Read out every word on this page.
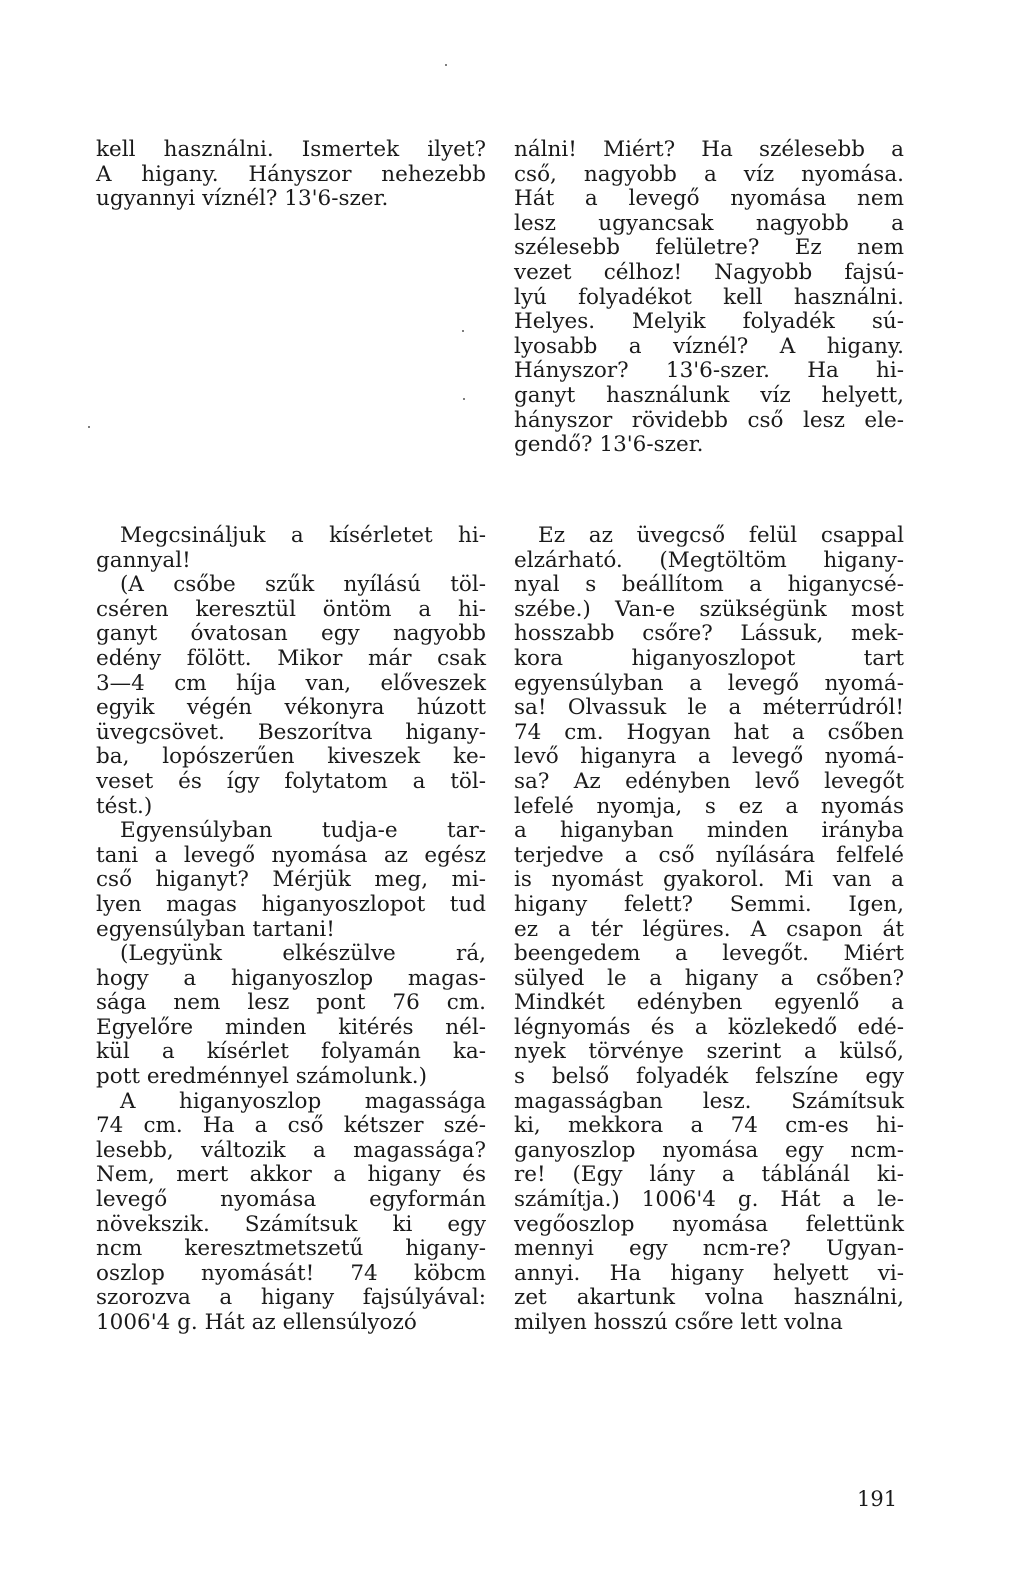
kell használni. Ismertek ilyet?
A higany. Hányszor nehezebb
ugyannyi víznél? 13'6-szer.
nálni! Miért? Ha szélesebb a
cső, nagyobb a víz nyomása.
Hát a levegő nyomása nem
lesz ugyancsak nagyobb a
szélesebb felületre? Ez nem
vezet célhoz! Nagyobb fajsú-
lyú folyadékot kell használni.
Helyes. Melyik folyadék sú-
lyosabb a víznél? A higany.
Hányszor? 13'6-szer. Ha hi-
ganyt használunk víz helyett,
hányszor rövidebb cső lesz ele-
gendő? 13'6-szer.
Megcsináljuk a kísérletet hi-
gannyal!
(A csőbe szűk nyílású töl-
cséren keresztül öntöm a hi-
ganyt óvatosan egy nagyobb
edény fölött. Mikor már csak
3—4 cm híja van, előveszek
egyik végén vékonyra húzott
üvegcsövet. Beszorítva higany-
ba, lopószerűen kiveszek ke-
veset és így folytatom a töl-
tést.)
Egyensúlyban tudja-e tar-
tani a levegő nyomása az egész
cső higanyt? Mérjük meg, mi-
lyen magas higanyoszlopot tud
egyensúlyban tartani!
(Legyünk elkészülve rá,
hogy a higanyoszlop magas-
sága nem lesz pont 76 cm.
Egyelőre minden kitérés nél-
kül a kísérlet folyamán ka-
pott eredménnyel számolunk.)
A higanyoszlop magassága
74 cm. Ha a cső kétszer szé-
lesebb, változik a magassága?
Nem, mert akkor a higany és
levegő nyomása egyformán
növekszik. Számítsuk ki egy
ncm keresztmetszetű higany-
oszlop nyomását! 74 köbcm
szorozva a higany fajsúlyával:
1006'4 g. Hát az ellensúlyozó
Ez az üvegcső felül csappal
elzárható. (Megtöltöm higany-
nyal s beállítom a higanycsé-
szébe.) Van-e szükségünk most
hosszabb csőre? Lássuk, mek-
kora higanyoszlopot tart
egyensúlyban a levegő nyomá-
sa! Olvassuk le a méterrúdról!
74 cm. Hogyan hat a csőben
levő higanyra a levegő nyomá-
sa? Az edényben levő levegőt
lefelé nyomja, s ez a nyomás
a higanyban minden irányba
terjedve a cső nyílására felfelé
is nyomást gyakorol. Mi van a
higany felett? Semmi. Igen,
ez a tér légüres. A csapon át
beengedem a levegőt. Miért
sülyed le a higany a csőben?
Mindkét edényben egyenlő a
légnyomás és a közlekedő edé-
nyek törvénye szerint a külső,
s belső folyadék felszíne egy
magasságban lesz. Számítsuk
ki, mekkora a 74 cm-es hi-
ganyoszlop nyomása egy ncm-
re! (Egy lány a táblánál ki-
számítja.) 1006'4 g. Hát a le-
vegőoszlop nyomása felettünk
mennyi egy ncm-re? Ugyan-
annyi. Ha higany helyett vi-
zet akartunk volna használni,
milyen hosszú csőre lett volna
191
